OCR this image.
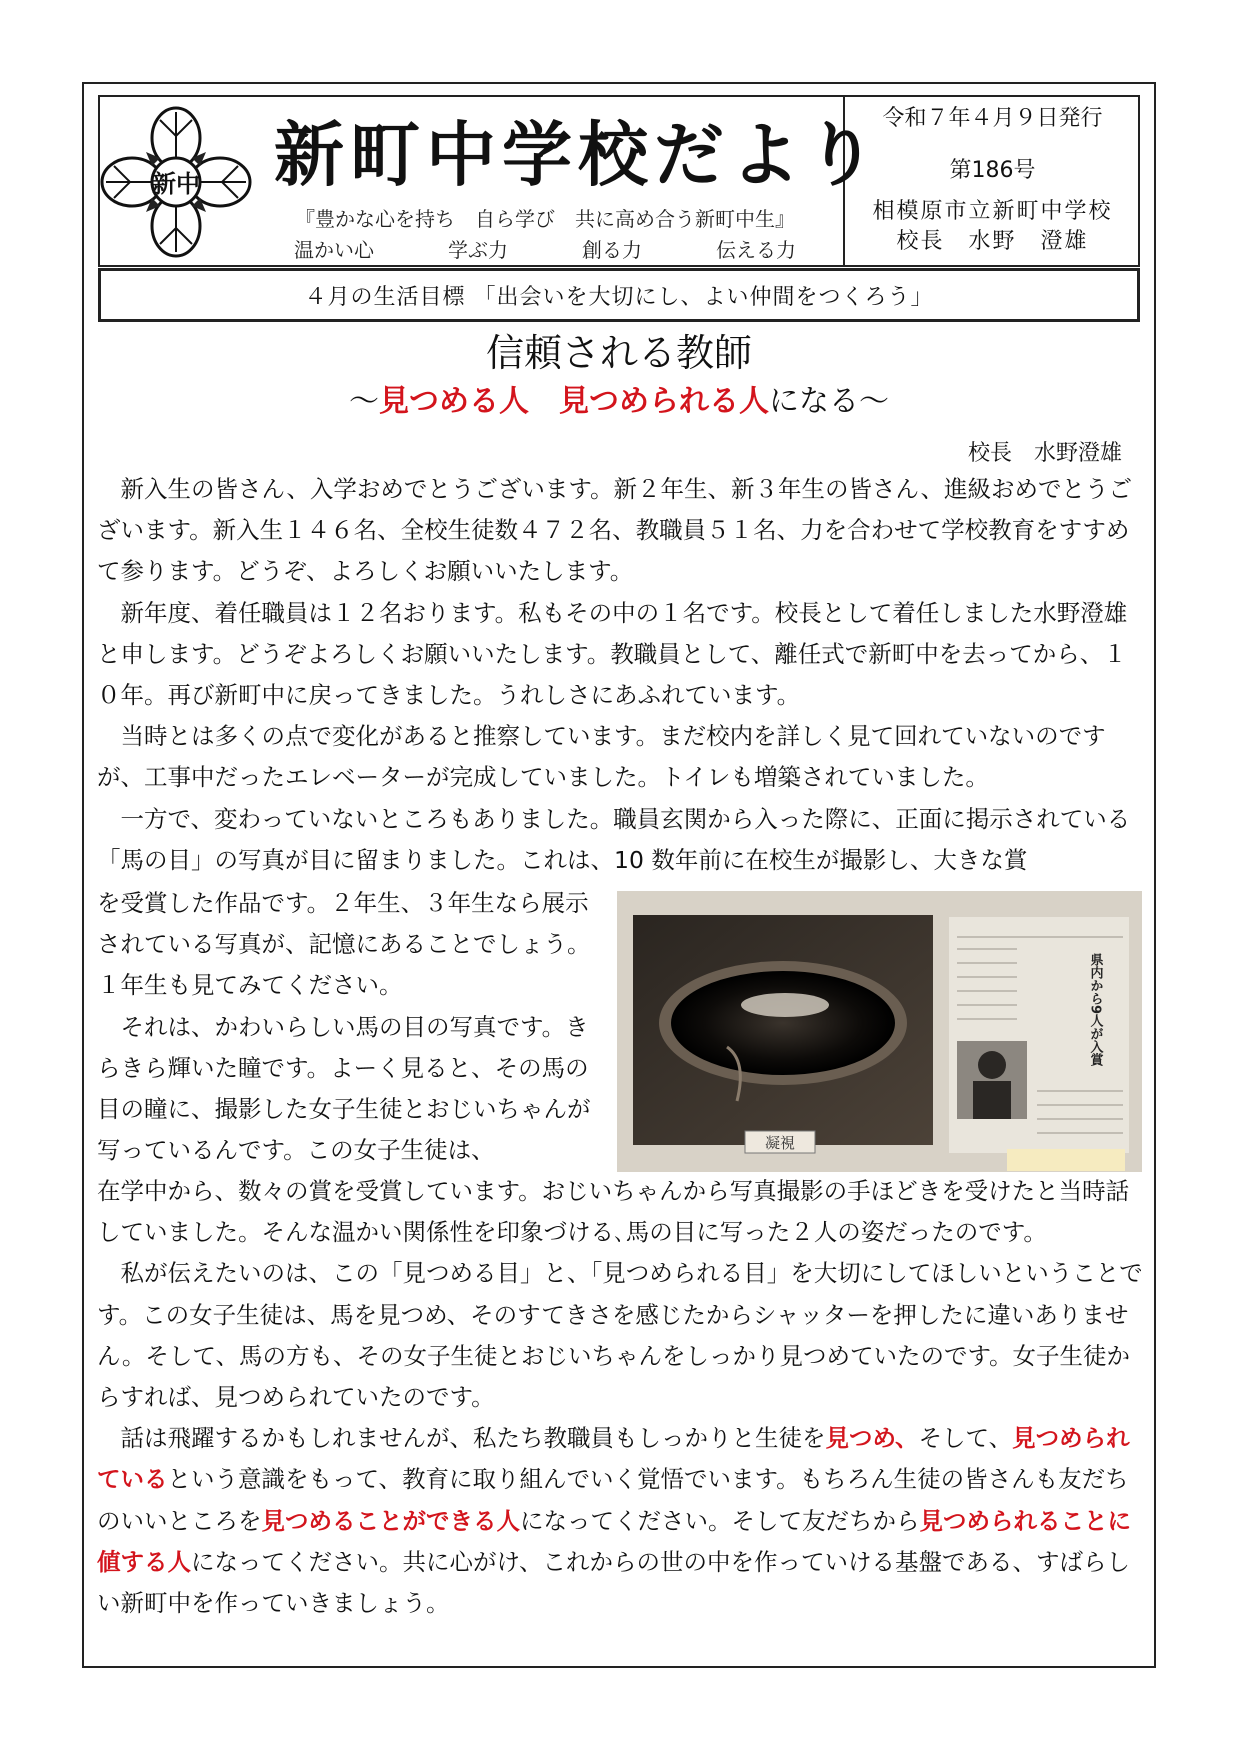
新中 新町中学校だより
『豊かな心を持ち　自ら学び　共に高め合う新町中生』
温かい心	学ぶ力	創る力	伝える力
令和７年４月９日発行
第186号
相模原市立新町中学校
校長　水野　澄雄
４月の生活目標 「出会いを大切にし、よい仲間をつくろう」
信頼される教師
～見つめる人　 見つめられる人になる～
校長　水野澄雄

新入生の皆さん、入学おめでとうございます。新２年生、新３年生の皆さん、進級おめでとうございます。新入生１４６名、全校生徒数４７２名、教職員５１名、力を合わせて学校教育をすすめて参ります。どうぞ、よろしくお願いいたします。

新年度、着任職員は１２名おります。私もその中の１名です。校長として着任しました水野澄雄と申します。どうぞよろしくお願いいたします。教職員として、離任式で新町中を去ってから、１０年。再び新町中に戻ってきました。うれしさにあふれています。

当時とは多くの点で変化があると推察しています。まだ校内を詳しく見て回れていないのですが、工事中だったエレベーターが完成していました。トイレも増築されていました。

一方で、変わっていないところもありました。職員玄関から入った際に、正面に掲示されている「馬の目」の写真が目に留まりました。これは、10 数年前に在校生が撮影し、大きな賞

を受賞した作品です。２年生、３年生なら展示されている写真が、記憶にあることでしょう。１年生も見てみてください。

それは、かわいらしい馬の目の写真です。きらきら輝いた瞳です。よーく見ると、その馬の目の瞳に、撮影した女子生徒とおじいちゃんが写っているんです。この女子生徒は、	凝視
県内から9人が入賞

在学中から、数々の賞を受賞しています。おじいちゃんから写真撮影の手ほどきを受けたと当時話していました。そんな温かい関係性を印象づける､馬の目に写った２人の姿だったのです。

私が伝えたいのは、この「見つめる目」と、「見つめられる目」を大切にしてほしいということです。この女子生徒は、馬を見つめ、そのすてきさを感じたからシャッターを押したに違いありません。そして、馬の方も、その女子生徒とおじいちゃんをしっかり見つめていたのです。女子生徒からすれば、見つめられていたのです。

話は飛躍するかもしれませんが、私たち教職員もしっかりと生徒を見つめ、そして、見つめられているという意識をもって、教育に取り組んでいく覚悟でいます。もちろん生徒の皆さんも友だちのいいところを見つめることができる人になってください。そして友だちから見つめられることに値する人になってください。共に心がけ、これからの世の中を作っていける基盤である、すばらしい新町中を作っていきましょう。
